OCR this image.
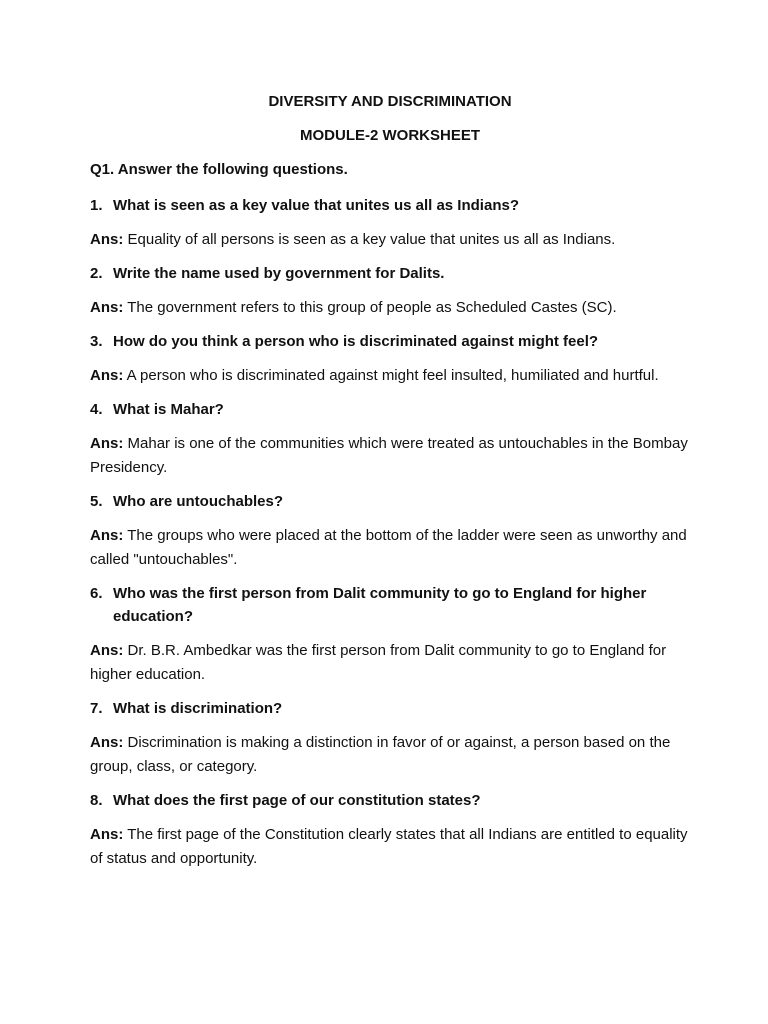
DIVERSITY AND DISCRIMINATION
MODULE-2 WORKSHEET
Q1. Answer the following questions.
1. What is seen as a key value that unites us all as Indians?
Ans: Equality of all persons is seen as a key value that unites us all as Indians.
2. Write the name used by government for Dalits.
Ans: The government refers to this group of people as Scheduled Castes (SC).
3. How do you think a person who is discriminated against might feel?
Ans: A person who is discriminated against might feel insulted, humiliated and hurtful.
4. What is Mahar?
Ans: Mahar is one of the communities which were treated as untouchables in the Bombay Presidency.
5. Who are untouchables?
Ans: The groups who were placed at the bottom of the ladder were seen as unworthy and called "untouchables".
6. Who was the first person from Dalit community to go to England for higher education?
Ans: Dr. B.R. Ambedkar was the first person from Dalit community to go to England for higher education.
7. What is discrimination?
Ans: Discrimination is making a distinction in favor of or against, a person based on the group, class, or category.
8. What does the first page of our constitution states?
Ans: The first page of the Constitution clearly states that all Indians are entitled to equality of status and opportunity.
